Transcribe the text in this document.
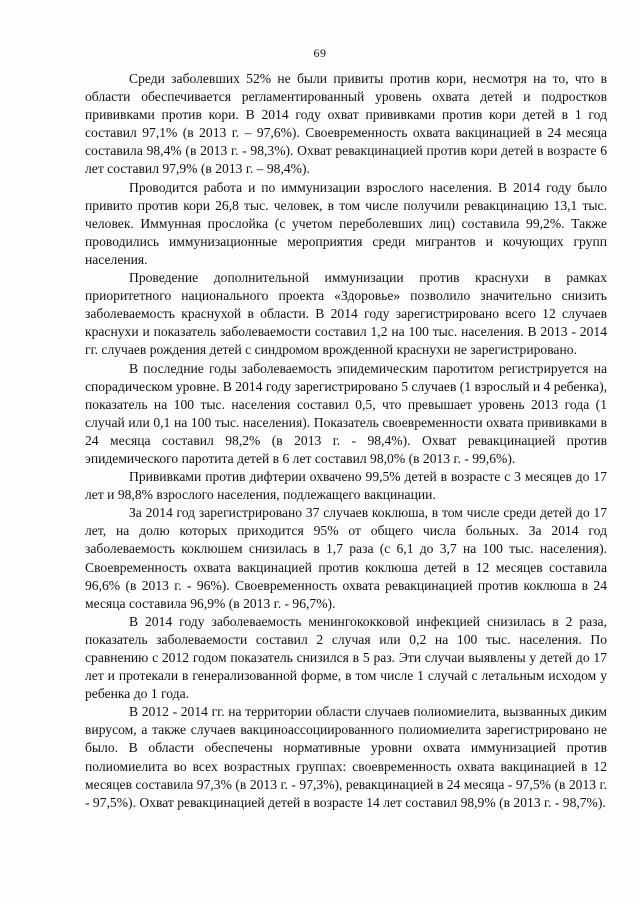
69

Среди заболевших 52% не были привиты против кори, несмотря на то, что в области обеспечивается регламентированный уровень охвата детей и подростков прививками против кори. В 2014 году охват прививками против кори детей в 1 год составил 97,1% (в 2013 г. – 97,6%). Своевременность охвата вакцинацией в 24 месяца составила 98,4% (в 2013 г. - 98,3%). Охват ревакцинацией против кори детей в возрасте 6 лет составил 97,9% (в 2013 г. – 98,4%).

Проводится работа и по иммунизации взрослого населения. В 2014 году было привито против кори 26,8 тыс. человек, в том числе получили ревакцинацию 13,1 тыс. человек. Иммунная прослойка (с учетом переболевших лиц) составила 99,2%. Также проводились иммунизационные мероприятия среди мигрантов и кочующих групп населения.

Проведение дополнительной иммунизации против краснухи в рамках приоритетного национального проекта «Здоровье» позволило значительно снизить заболеваемость краснухой в области. В 2014 году зарегистрировано всего 12 случаев краснухи и показатель заболеваемости составил 1,2 на 100 тыс. населения. В 2013 - 2014 гг. случаев рождения детей с синдромом врожденной краснухи не зарегистрировано.

В последние годы заболеваемость эпидемическим паротитом регистрируется на спорадическом уровне. В 2014 году зарегистрировано 5 случаев (1 взрослый и 4 ребенка), показатель на 100 тыс. населения составил 0,5, что превышает уровень 2013 года (1 случай или 0,1 на 100 тыс. населения). Показатель своевременности охвата прививками в 24 месяца составил 98,2% (в 2013 г. - 98,4%). Охват ревакцинацией против эпидемического паротита детей в 6 лет составил 98,0% (в 2013 г. - 99,6%).

Прививками против дифтерии охвачено 99,5% детей в возрасте с 3 месяцев до 17 лет и 98,8% взрослого населения, подлежащего вакцинации.

За 2014 год зарегистрировано 37 случаев коклюша, в том числе среди детей до 17 лет, на долю которых приходится 95% от общего числа больных. За 2014 год заболеваемость коклюшем снизилась в 1,7 раза (с 6,1 до 3,7 на 100 тыс. населения). Своевременность охвата вакцинацией против коклюша детей в 12 месяцев составила 96,6% (в 2013 г. - 96%). Своевременность охвата ревакцинацией против коклюша в 24 месяца составила 96,9% (в 2013 г. - 96,7%).

В 2014 году заболеваемость менингококковой инфекцией снизилась в 2 раза, показатель заболеваемости составил 2 случая или 0,2 на 100 тыс. населения. По сравнению с 2012 годом показатель снизился в 5 раз. Эти случаи выявлены у детей до 17 лет и протекали в генерализованной форме, в том числе 1 случай с летальным исходом у ребенка до 1 года.

В 2012 - 2014 гг. на территории области случаев полиомиелита, вызванных диким вирусом, а также случаев вакциноассоциированного полиомиелита зарегистрировано не было. В области обеспечены нормативные уровни охвата иммунизацией против полиомиелита во всех возрастных группах: своевременность охвата вакцинацией в 12 месяцев составила 97,3% (в 2013 г. - 97,3%), ревакцинацией в 24 месяца - 97,5% (в 2013 г. - 97,5%). Охват ревакцинацией детей в возрасте 14 лет составил 98,9% (в 2013 г. - 98,7%).
